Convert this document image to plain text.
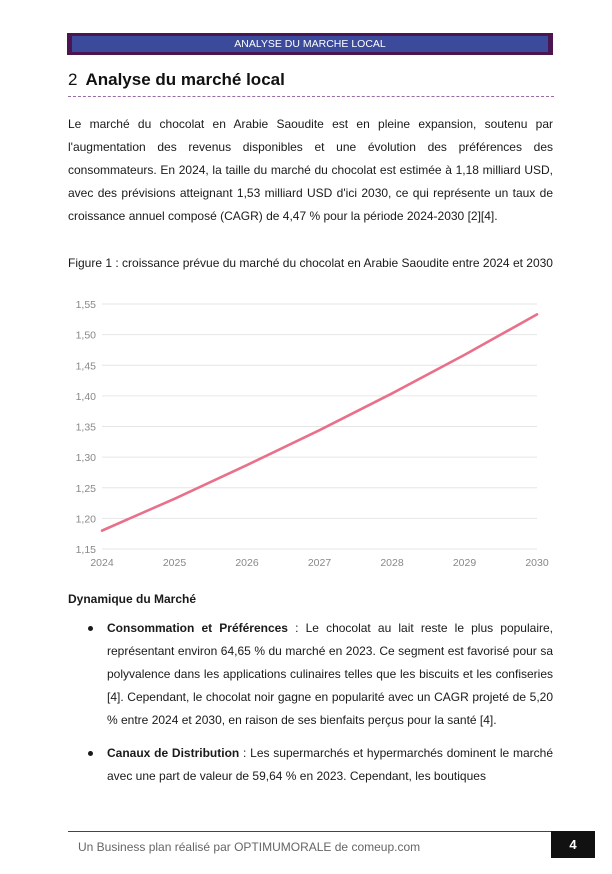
ANALYSE DU MARCHE LOCAL
2 Analyse du marché local

Le marché du chocolat en Arabie Saoudite est en pleine expansion, soutenu par l'augmentation des revenus disponibles et une évolution des préférences des consommateurs. En 2024, la taille du marché du chocolat est estimée à 1,18 milliard USD, avec des prévisions atteignant 1,53 milliard USD d'ici 2030, ce qui représente un taux de croissance annuel composé (CAGR) de 4,47 % pour la période 2024-2030 [2][4].

Figure 1 : croissance prévue du marché du chocolat en Arabie Saoudite entre 2024 et 2030

1,15
1,20
1,25
1,30
1,35
1,40
1,45
1,50
1,55
2024	2025	2026	2027	2028	2029	2030

Dynamique du Marché

Consommation et Préférences : Le chocolat au lait reste le plus populaire, représentant environ 64,65 % du marché en 2023. Ce segment est favorisé pour sa polyvalence dans les applications culinaires telles que les biscuits et les confiseries [4]. Cependant, le chocolat noir gagne en popularité avec un CAGR projeté de 5,20 % entre 2024 et 2030, en raison de ses bienfaits perçus pour la santé [4].
Canaux de Distribution : Les supermarchés et hypermarchés dominent le marché avec une part de valeur de 59,64 % en 2023. Cependant, les boutiques
Un Business plan réalisé par OPTIMUMORALE de comeup.com	4
